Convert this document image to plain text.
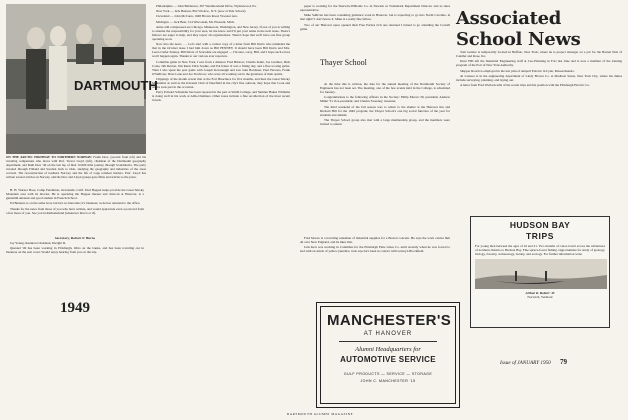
DARTMOUTH
ON THE ARCTIC HIGHWAY TO NORTHERN NORWAY: Frank Dow, (second from left) and his traveling companions who drove with Prof. Trevor Lloyd (left), chairman of the Dartmouth geography department, and Ruth Dow '49 on the last lap of their 10,000 mile journey through Scandinavia. The party traveled through Finland and Sweden back to Oslo, studying the geography and industries of the areas covered. The reconstruction of northern Norway and the life of Lapp reindeer herders. Prof. Lloyd has written several articles on Norway. and the Dow and Lloyd groups gave films and articles to the press.

H. H. Warner Bose, Camp Pendleton, Oceanside, Calif. Paul Hopper helps provide the Great Smoky Mountain area with its movies. He is operating the Hopper theater and drive-in at Hanover, is a gunsmith amateur and good student in French-School.

Ed Bennett, is on the same boat, but he's no historian; it's business; as he has returned to the office.

Thanks for the news from those of you who have written, and would appreciate even a postcard from a few more of you. See you in Reihomeland (whenever that is or if).

Secretary, Robert F. Burns

Jay Young, Reunion Chairman, Dwight D.

Quesnel '49 has been working in Pittsburgh, Ohio on the banks, and has been traveling out in business on the east coast. Would enjoy hearing from you on the trip.

1949

Philadelphia — John Balderson, 307 Westmoreland Drive, Wynnewood, Pa.

New York — Jack Benson, 802 5th Ave., N.Y. (now at Yale School).

Cleveland — John McCann, 1048 Brown Road, Wooster Ave.

Michigan — Jack Best, 314 Wisconsin, Mt. Pleasant, Mich.

Arnie still compressed are Chicago, Minnesota, Washington, and New Jersey. If one of you is willing to assume the responsibility for your area, let me know and I'll put your name in the next issue. There's fellows are eager to help, and they report all organizations. There's hope that we'll have one fine group operating soon.

Now into the news . . . Let's start with a carbon copy of a letter from Bill Davis who reminded me that in the October issue I had him down as Bill PENNEY. It should have been Bill Davis and Mrs. Leota Cutler Penney. Bill Davis of Scarsdale are engaged — I'm sure, sorry, Bill, and I hope such errors won't happen again. Thanks to our various ever reporters.

Columbia game in New York, I saw from a distance Fred Bristow, Charlie Kahn, Joe Gardner, Dick Coles, Jim Reston, Jim Reed, Dick Sophie, and Pat Kleer. It was a fitting day, and a fine scoring game. Then I also spent the post game with Joseph Kavanaugh and saw Jake Boldauer, Paul Parsons, Frank O'Sullivan, Dave Lane and Joe Trechrow, who were all working out in the greatness of their spirits.

Clippings of the month reveal that at the Fort Huachuca for five months, and then the Great Smoky Mountains as well as the Kiwanis Club of Deerfield in the city's fine outlook, they hope that Cook and others took part in the occasion.

Perry Edward Schneider has been reported in the past at Smith College, and Sumner Hakes Williams is doing well in his work at Allis-Chalmers. Other notes include a fine recollection of the most recent travels.

paper is working for the Sherwin-Williams Co. in Newark as Trademark Department Director and as sales representative.

Mike Sullivan has been consulting guidance work in Hanover, but is expecting to go into North Carolina. Is that right? I don't know it. Mike is a really fine fellow.

Two of our Hanover upon opened their Free Parties rich one returned I turned to go attending the Cornell game.

Thayer School

At the time this is written, the date for the annual meeting of the Dartmouth Society of Engineers has not been set. The meeting, one of the few events held in the College, is scheduled for January.

Congratulations to the following officers in the Society: Philip Moran '29, president; Andrew Miller '31 vice-president; and Charles Sweeney, treasurer.

The third weekend of the fall season was to return to the shelter at the Hanover Inn and Richard Hill for the 1949 program, the Thayer School's one big social function of the year for students and alumni.

The Thayer School group also met with a large membership group, and the members were invited to attend.

Fred Moore is a traveling salesman of industrial supplies for a Boston concern. He says the work carries him all over New England, and he likes that.

Jack Kerr was working in Columbus for the Pittsburgh Plate Glass Co. until recently when he was forced to bed with an attack of yellow jaundice. Jack says he's been in contact with Lenwyn Brockfield.

Associated School News

Tom Geisler is temporarily located in Buffalo, New York, where he is project manager on a job for the Barrett firm of Candler and Rose, Inc.

Dave Hill left the Industrial Engineering staff at Ceo-Planning in Fort last June and is now a member of the training program of the Port of New York Authority.

Skipper Rouch is employed in the test plan of Ampoll Electric in Lynn, Massachusetts.

Al Lansser is in the engineering department of Lindy Brown Co. at Madison Street, New York City, where his duties include surveying, planning, and laying out.

A letter from Fred Warlock tells of his recent trips and his position with the Pittsburgh Electric Co.

HUDSON BAY
TRIPS
For young men between the ages of 16 and 21. Two months of canoe travel across the wilderness of northern Ontario to Hudson Bay. Fine spruce-forest fishing. Opportunities for study of geology, biology, forestry, archaeology, botany, and ecology. For further information write
Arthur K. Robert '45
Norwich, Vermont
MANCHESTER'S
AT HANOVER
Alumni Headquarters for
AUTOMOTIVE SERVICE
GULF PRODUCTS — SERVICE — STORAGE
JOHN C. MANCHESTER '15
Issue of JANUARY 1950 79
DARTMOUTH ALUMNI MAGAZINE
